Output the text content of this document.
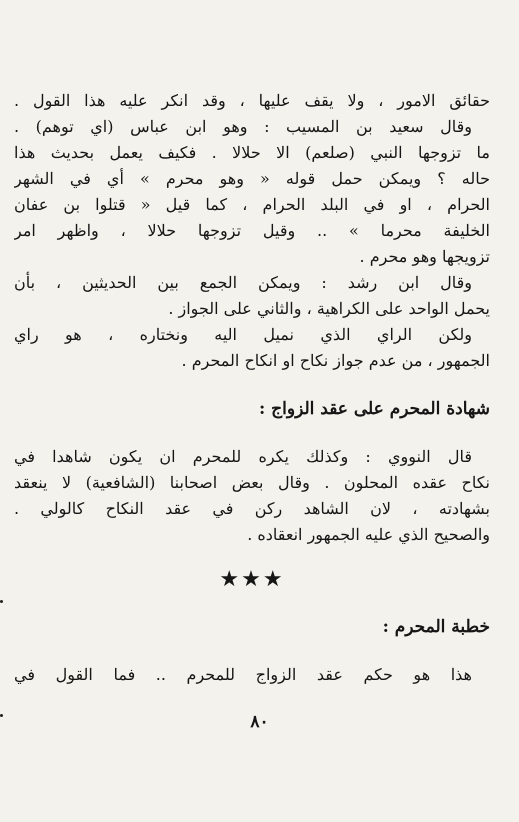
حقائق الامور ، ولا يقف عليها ، وقد انكر عليه هذا القول .
وقال سعيد بن المسيب : وهو ابن عباس (اي توهم) .
ما تزوجها النبي (صلعم) الا حلالا . فكيف يعمل بحديث هذا
حاله ؟ ويمكن حمل قوله « وهو محرم » أي في الشهر
الحرام ، او في البلد الحرام ، كما قيل « قتلوا بن عفان
الخليفة محرما » .. وقيل تزوجها حلالا ، واظهر امر
تزويجها وهو محرم .
وقال ابن رشد : ويمكن الجمع بين الحديثين ، بأن
يحمل الواحد على الكراهية ، والثاني على الجواز .
ولكن الراي الذي نميل اليه ونختاره ، هو راي
الجمهور ، من عدم جواز نكاح او انكاح المحرم .
شهادة المحرم على عقد الزواج :
قال النووي : وكذلك يكره للمحرم ان يكون شاهدا في
نكاح عقده المحلون . وقال بعض اصحابنا (الشافعية) لا ينعقد
بشهادته ، لان الشاهد ركن في عقد النكاح كالولي .
والصحيح الذي عليه الجمهور انعقاده .
★★★
خطبة المحرم :
هذا هو حكم عقد الزواج للمحرم .. فما القول في
٨٠
